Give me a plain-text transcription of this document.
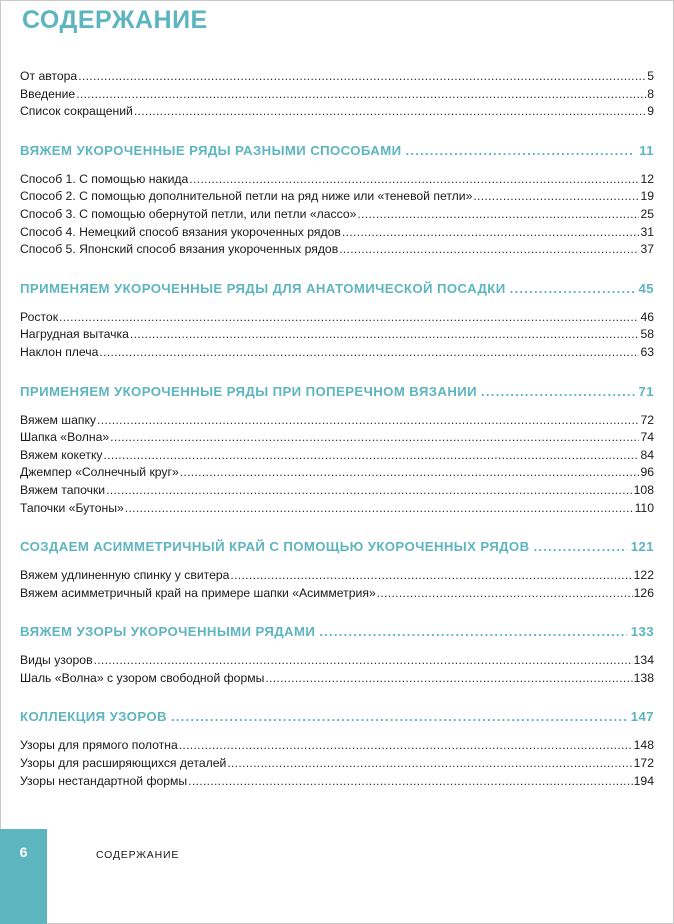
СОДЕРЖАНИЕ
От автора .....	5
Введение .....	8
Список сокращений .....	9
ВЯЖЕМ УКОРОЧЕННЫЕ РЯДЫ РАЗНЫМИ СПОСОБАМИ .....	11
Способ 1. С помощью накида .....	12
Способ 2. С помощью дополнительной петли на ряд ниже или «теневой петли» .....	19
Способ 3. С помощью обернутой петли, или петли «лассо» .....	25
Способ 4. Немецкий способ вязания укороченных рядов .....	31
Способ 5. Японский способ вязания укороченных рядов .....	37
ПРИМЕНЯЕМ УКОРОЧЕННЫЕ РЯДЫ ДЛЯ АНАТОМИЧЕСКОЙ ПОСАДКИ .....	45
Росток .....	46
Нагрудная вытачка .....	58
Наклон плеча .....	63
ПРИМЕНЯЕМ УКОРОЧЕННЫЕ РЯДЫ ПРИ ПОПЕРЕЧНОМ ВЯЗАНИИ .....	71
Вяжем шапку .....	72
Шапка «Волна» .....	74
Вяжем кокетку .....	84
Джемпер «Солнечный круг» .....	96
Вяжем тапочки .....	108
Тапочки «Бутоны» .....	110
СОЗДАЕМ АСИММЕТРИЧНЫЙ КРАЙ С ПОМОЩЬЮ УКОРОЧЕННЫХ РЯДОВ .....	121
Вяжем удлиненную спинку у свитера .....	122
Вяжем асимметричный край на примере шапки «Асимметрия» .....	126
ВЯЖЕМ УЗОРЫ УКОРОЧЕННЫМИ РЯДАМИ .....	133
Виды узоров .....	134
Шаль «Волна» с узором свободной формы .....	138
КОЛЛЕКЦИЯ УЗОРОВ .....	147
Узоры для прямого полотна .....	148
Узоры для расширяющихся деталей .....	172
Узоры нестандартной формы .....	194
6	СОДЕРЖАНИЕ
